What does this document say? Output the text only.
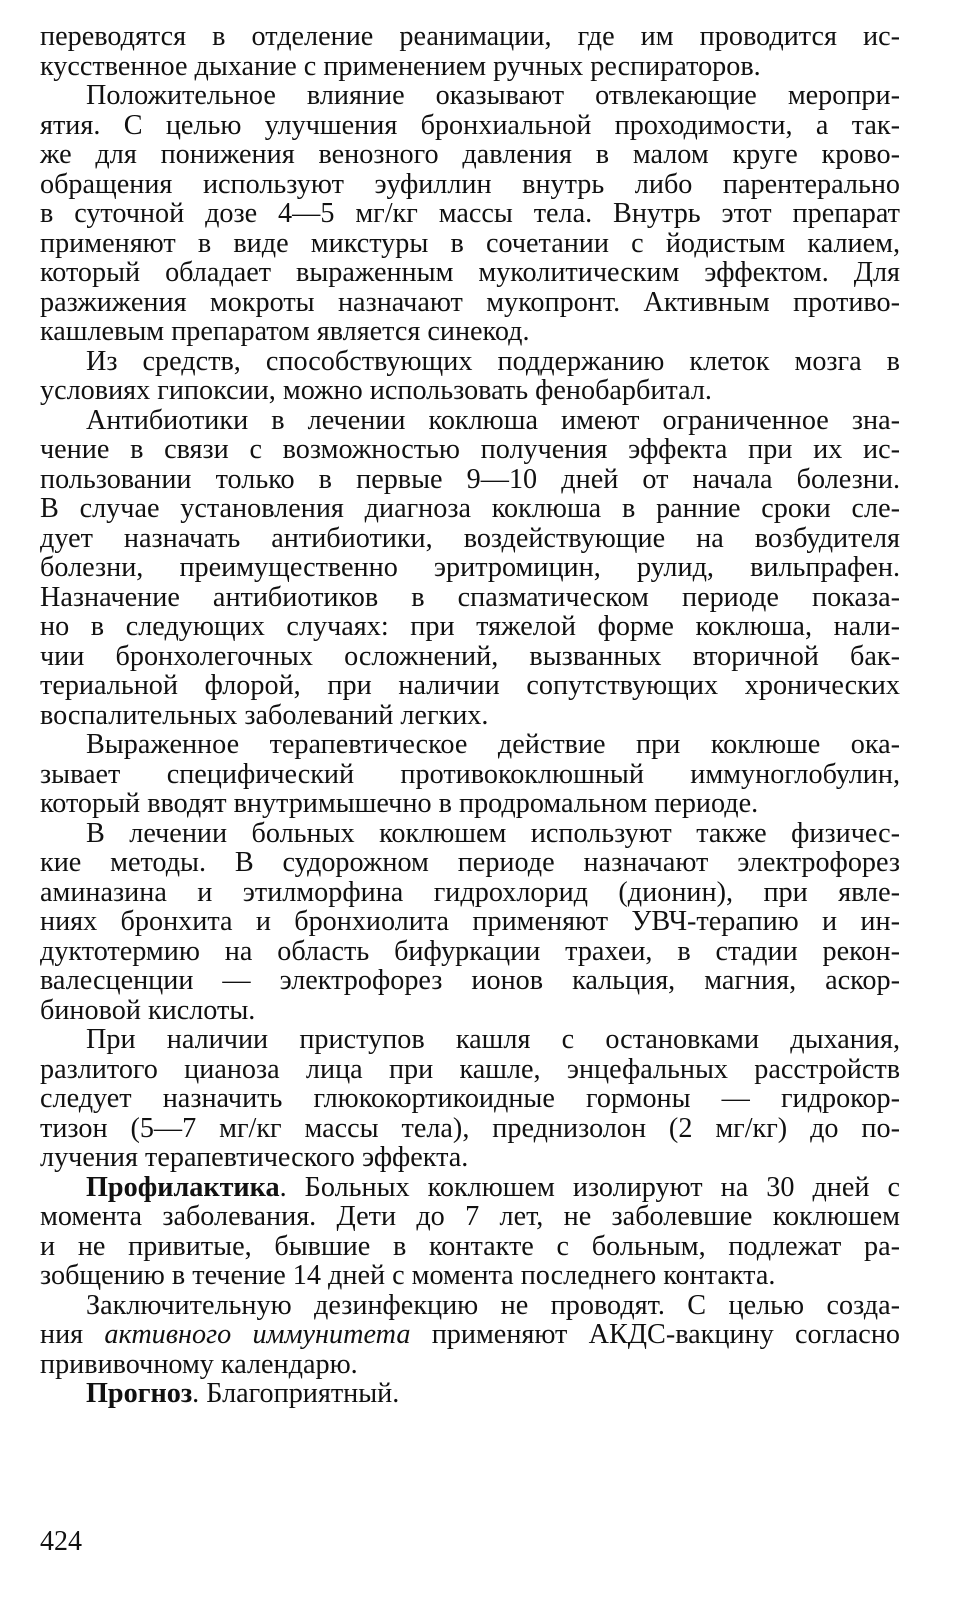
переводятся в отделение реанимации, где им проводится ис-
кусственное дыхание с применением ручных респираторов.
Положительное влияние оказывают отвлекающие меропри-
ятия. С целью улучшения бронхиальной проходимости, а так-
же для понижения венозного давления в малом круге крово-
обращения используют эуфиллин внутрь либо парентерально
в суточной дозе 4—5 мг/кг массы тела. Внутрь этот препарат
применяют в виде микстуры в сочетании с йодистым калием,
который обладает выраженным муколитическим эффектом. Для
разжижения мокроты назначают мукопронт. Активным противо-
кашлевым препаратом является синекод.
Из средств, способствующих поддержанию клеток мозга в
условиях гипоксии, можно использовать фенобарбитал.
Антибиотики в лечении коклюша имеют ограниченное зна-
чение в связи с возможностью получения эффекта при их ис-
пользовании только в первые 9—10 дней от начала болезни.
В случае установления диагноза коклюша в ранние сроки сле-
дует назначать антибиотики, воздействующие на возбудителя
болезни, преимущественно эритромицин, рулид, вильпрафен.
Назначение антибиотиков в спазматическом периоде показа-
но в следующих случаях: при тяжелой форме коклюша, нали-
чии бронхолегочных осложнений, вызванных вторичной бак-
териальной флорой, при наличии сопутствующих хронических
воспалительных заболеваний легких.
Выраженное терапевтическое действие при коклюше ока-
зывает специфический противококлюшный иммуноглобулин,
который вводят внутримышечно в продромальном периоде.
В лечении больных коклюшем используют также физичес-
кие методы. В судорожном периоде назначают электрофорез
аминазина и этилморфина гидрохлорид (дионин), при явле-
ниях бронхита и бронхиолита применяют УВЧ-терапию и ин-
дуктотермию на область бифуркации трахеи, в стадии рекон-
валесценции — электрофорез ионов кальция, магния, аскор-
биновой кислоты.
При наличии приступов кашля с остановками дыхания,
разлитого цианоза лица при кашле, энцефальных расстройств
следует назначить глюкокортикоидные гормоны — гидрокор-
тизон (5—7 мг/кг массы тела), преднизолон (2 мг/кг) до по-
лучения терапевтического эффекта.
Профилактика. Больных коклюшем изолируют на 30 дней с
момента заболевания. Дети до 7 лет, не заболевшие коклюшем
и не привитые, бывшие в контакте с больным, подлежат ра-
зобщению в течение 14 дней с момента последнего контакта.
Заключительную дезинфекцию не проводят. С целью созда-
ния активного иммунитета применяют АКДС-вакцину согласно
прививочному календарю.
Прогноз. Благоприятный.
424
